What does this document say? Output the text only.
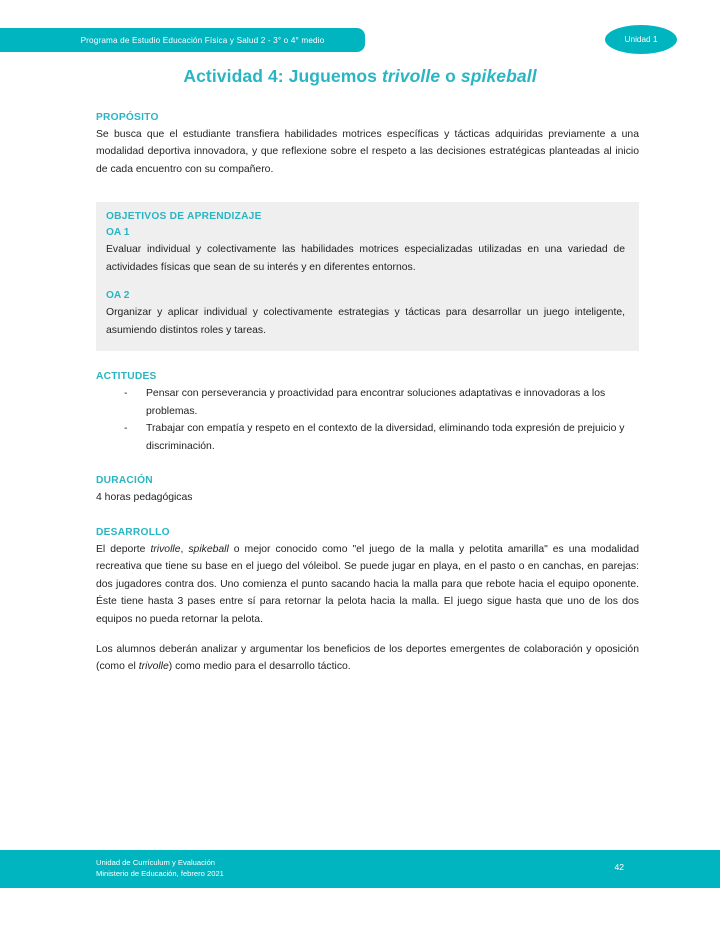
Programa de Estudio Educación Física y Salud 2 - 3° o 4° medio	Unidad 1
Actividad 4: Juguemos trivolle o spikeball
PROPÓSITO

Se busca que el estudiante transfiera habilidades motrices específicas y tácticas adquiridas previamente a una modalidad deportiva innovadora, y que reflexione sobre el respeto a las decisiones estratégicas planteadas al inicio de cada encuentro con su compañero.

OBJETIVOS DE APRENDIZAJE
OA 1

Evaluar individual y colectivamente las habilidades motrices especializadas utilizadas en una variedad de actividades físicas que sean de su interés y en diferentes entornos.

OA 2

Organizar y aplicar individual y colectivamente estrategias y tácticas para desarrollar un juego inteligente, asumiendo distintos roles y tareas.

ACTITUDES
- Pensar con perseverancia y proactividad para encontrar soluciones adaptativas e innovadoras a los problemas.
- Trabajar con empatía y respeto en el contexto de la diversidad, eliminando toda expresión de prejuicio y discriminación.
DURACIÓN

4 horas pedagógicas

DESARROLLO

El deporte trivolle, spikeball o mejor conocido como "el juego de la malla y pelotita amarilla" es una modalidad recreativa que tiene su base en el juego del vóleibol. Se puede jugar en playa, en el pasto o en canchas, en parejas: dos jugadores contra dos. Uno comienza el punto sacando hacia la malla para que rebote hacia el equipo oponente. Éste tiene hasta 3 pases entre sí para retornar la pelota hacia la malla. El juego sigue hasta que uno de los dos equipos no pueda retornar la pelota.

Los alumnos deberán analizar y argumentar los beneficios de los deportes emergentes de colaboración y oposición (como el trivolle) como medio para el desarrollo táctico.

Unidad de Currículum y Evaluación
Ministerio de Educación, febrero 2021
42
